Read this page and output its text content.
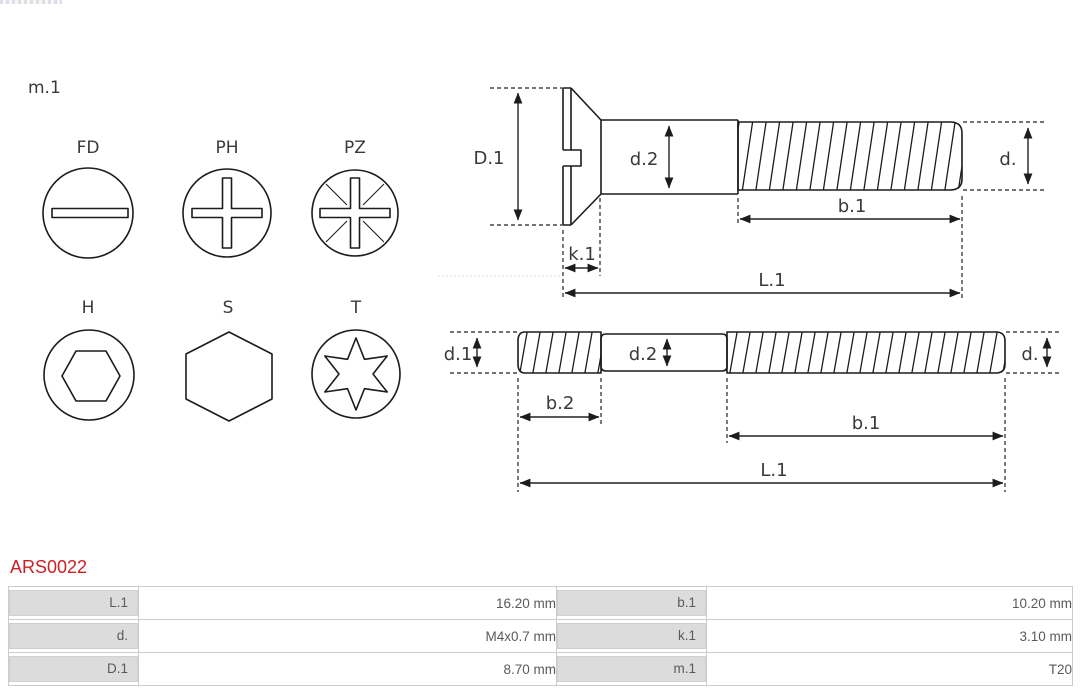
m.1
FD	PH	PZ
H	S	T
D.1	d.2	d.
b.1
k.1
L.1
d.1	d.2	d.
b.2
b.1
L.1
ARS0022
L.1	16.20 mm	b.1	10.20 mm

d.	M4x0.7 mm	k.1	3.10 mm

D.1	8.70 mm	m.1	T20
